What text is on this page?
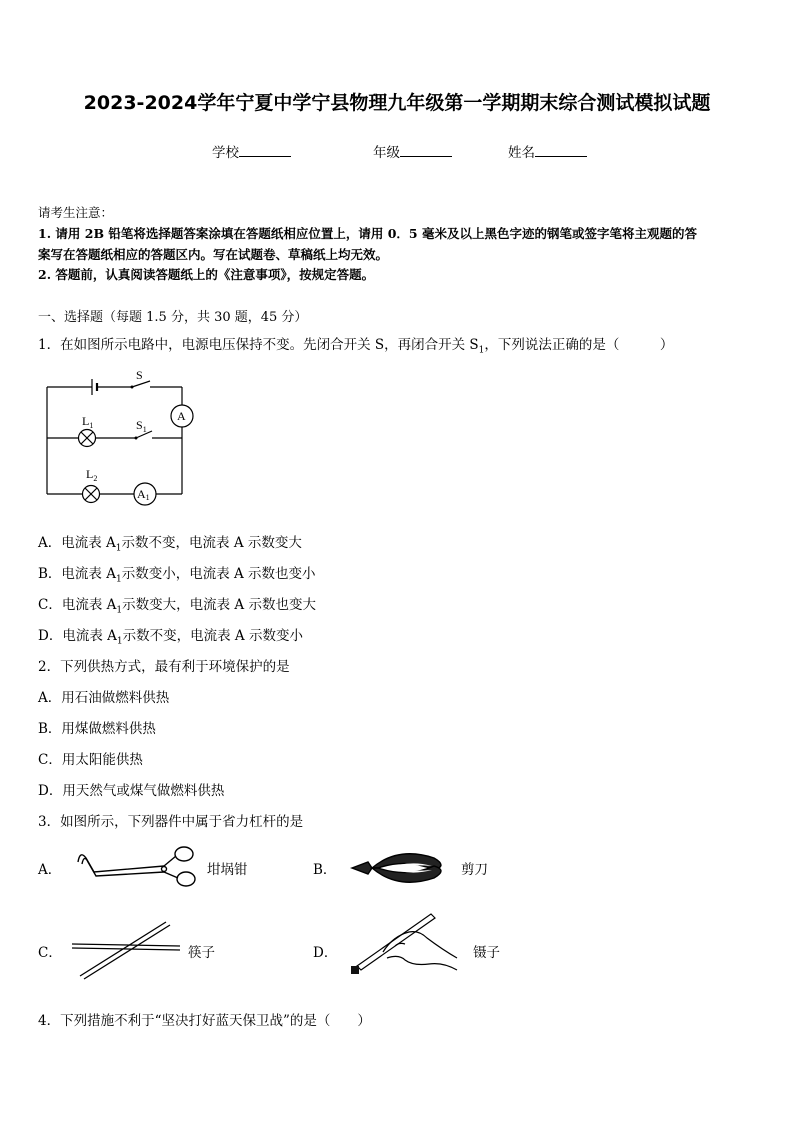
2023-2024学年宁夏中学宁县物理九年级第一学期期末综合测试模拟试题
学校	年级	姓名
请考生注意：
1. 请用 2B 铅笔将选择题答案涂填在答题纸相应位置上，请用 0．5 毫米及以上黑色字迹的钢笔或签字笔将主观题的答
案写在答题纸相应的答题区内。写在试题卷、草稿纸上均无效。
2. 答题前，认真阅读答题纸上的《注意事项》，按规定答题。
一、选择题（每题 1.5 分，共 30 题，45 分）
1．在如图所示电路中，电源电压保持不变。先闭合开关 S，再闭合开关 $S_1$，下列说法正确的是（　　　）
S
$S_1$
$L_1$
$L_2$
A
A1
A．电流表 $A_1$示数不变，电流表 A 示数变大
B．电流表 $A_1$示数变小，电流表 A 示数也变小
C．电流表 $A_1$示数变大，电流表 A 示数也变大
D．电流表 $A_1$示数不变，电流表 A 示数变小
2．下列供热方式，最有利于环境保护的是
A．用石油做燃料供热
B．用煤做燃料供热
C．用太阳能供热
D．用天然气或煤气做燃料供热
3．如图所示，下列器件中属于省力杠杆的是
A．	坩埚钳	B．	剪刀
C．	筷子	D．	镊子
4．下列措施不利于“坚决打好蓝天保卫战”的是（　　）
